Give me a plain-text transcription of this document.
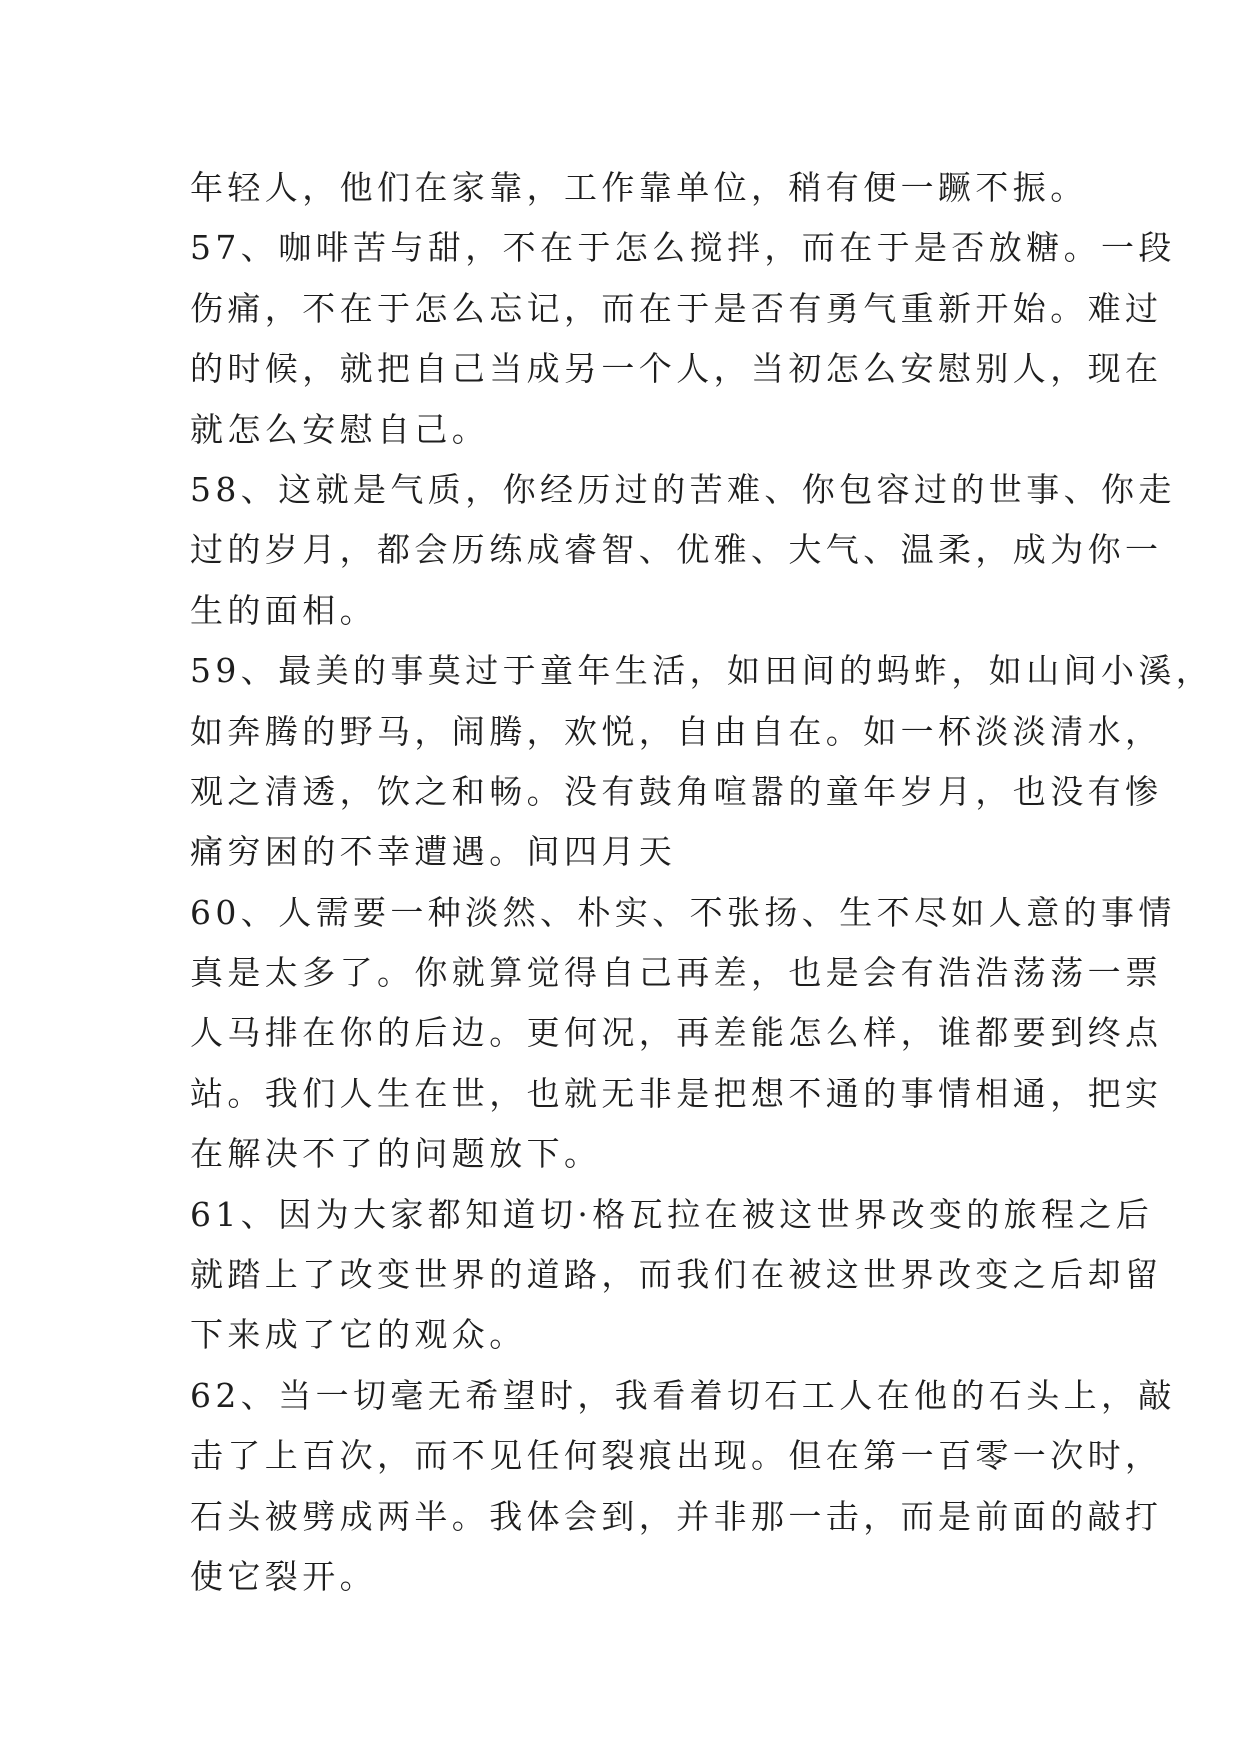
年轻人，他们在家靠，工作靠单位，稍有便一蹶不振。
57、咖啡苦与甜，不在于怎么搅拌，而在于是否放糖。一段
伤痛，不在于怎么忘记，而在于是否有勇气重新开始。难过
的时候，就把自己当成另一个人，当初怎么安慰别人，现在
就怎么安慰自己。
58、这就是气质，你经历过的苦难、你包容过的世事、你走
过的岁月，都会历练成睿智、优雅、大气、温柔，成为你一
生的面相。
59、最美的事莫过于童年生活，如田间的蚂蚱，如山间小溪，
如奔腾的野马，闹腾，欢悦，自由自在。如一杯淡淡清水，
观之清透，饮之和畅。没有鼓角喧嚣的童年岁月，也没有惨
痛穷困的不幸遭遇。间四月天
60、人需要一种淡然、朴实、不张扬、生不尽如人意的事情
真是太多了。你就算觉得自己再差，也是会有浩浩荡荡一票
人马排在你的后边。更何况，再差能怎么样，谁都要到终点
站。我们人生在世，也就无非是把想不通的事情相通，把实
在解决不了的问题放下。
61、因为大家都知道切·格瓦拉在被这世界改变的旅程之后
就踏上了改变世界的道路，而我们在被这世界改变之后却留
下来成了它的观众。
62、当一切毫无希望时，我看着切石工人在他的石头上，敲
击了上百次，而不见任何裂痕出现。但在第一百零一次时，
石头被劈成两半。我体会到，并非那一击，而是前面的敲打
使它裂开。
